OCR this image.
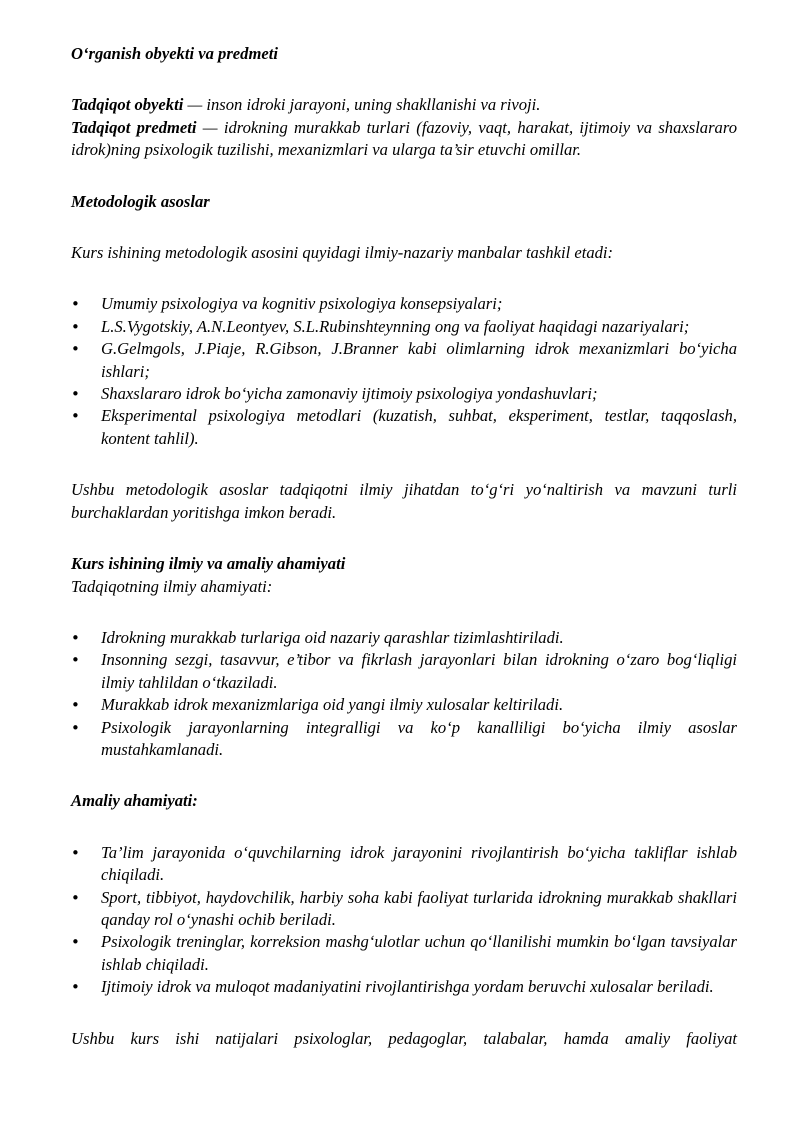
O‘rganish obyekti va predmeti

Tadqiqot obyekti — inson idroki jarayoni, uning shakllanishi va rivoji.

Tadqiqot predmeti — idrokning murakkab turlari (fazoviy, vaqt, harakat, ijtimoiy va shaxslararo idrok)ning psixologik tuzilishi, mexanizmlari va ularga ta’sir etuvchi omillar.

Metodologik asoslar

Kurs ishining metodologik asosini quyidagi ilmiy-nazariy manbalar tashkil etadi:

• Umumiy psixologiya va kognitiv psixologiya konsepsiyalari;
• L.S.Vygotskiy, A.N.Leontyev, S.L.Rubinshteynning ong va faoliyat haqidagi nazariyalari;
• G.Gelmgols, J.Piaje, R.Gibson, J.Branner kabi olimlarning idrok mexanizmlari bo‘yicha ishlari;
• Shaxslararo idrok bo‘yicha zamonaviy ijtimoiy psixologiya yondashuvlari;
• Eksperimental psixologiya metodlari (kuzatish, suhbat, eksperiment, testlar, taqqoslash, kontent tahlil).

Ushbu metodologik asoslar tadqiqotni ilmiy jihatdan to‘g‘ri yo‘naltirish va mavzuni turli burchaklardan yoritishga imkon beradi.

Kurs ishining ilmiy va amaliy ahamiyati

Tadqiqotning ilmiy ahamiyati:

• Idrokning murakkab turlariga oid nazariy qarashlar tizimlashtiriladi.
• Insonning sezgi, tasavvur, e’tibor va fikrlash jarayonlari bilan idrokning o‘zaro bog‘liqligi ilmiy tahlildan o‘tkaziladi.
• Murakkab idrok mexanizmlariga oid yangi ilmiy xulosalar keltiriladi.
• Psixologik jarayonlarning integralligi va ko‘p kanalliligi bo‘yicha ilmiy asoslar mustahkamlanadi.

Amaliy ahamiyati:

• Ta’lim jarayonida o‘quvchilarning idrok jarayonini rivojlantirish bo‘yicha takliflar ishlab chiqiladi.
• Sport, tibbiyot, haydovchilik, harbiy soha kabi faoliyat turlarida idrokning murakkab shakllari qanday rol o‘ynashi ochib beriladi.
• Psixologik treninglar, korreksion mashg‘ulotlar uchun qo‘llanilishi mumkin bo‘lgan tavsiyalar ishlab chiqiladi.
• Ijtimoiy idrok va muloqot madaniyatini rivojlantirishga yordam beruvchi xulosalar beriladi.

Ushbu kurs ishi natijalari psixologlar, pedagoglar, talabalar, hamda amaliy faoliyat
